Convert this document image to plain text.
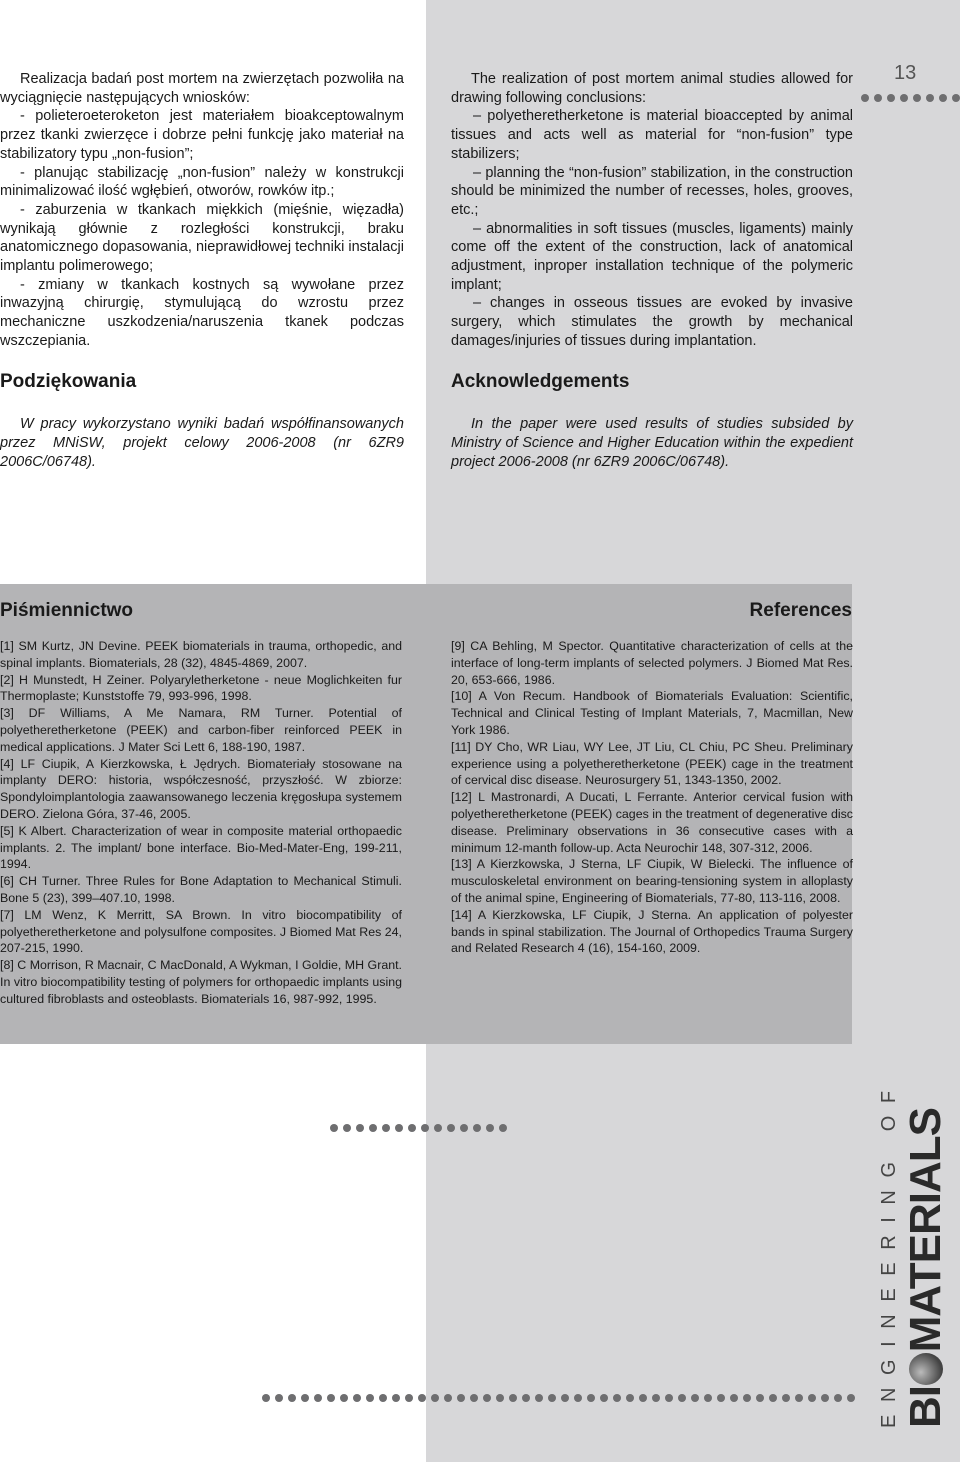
13

Realizacja badań post mortem na zwierzętach pozwoliła na wyciągnięcie następujących wniosków:

- polieteroeteroketon jest materiałem bioakceptowalnym przez tkanki zwierzęce i dobrze pełni funkcję jako materiał na stabilizatory typu „non-fusion”;

- planując stabilizację „non-fusion” należy w konstrukcji minimalizować ilość wgłębień, otworów, rowków itp.;

- zaburzenia w tkankach miękkich (mięśnie, więzadła) wynikają głównie z rozległości konstrukcji, braku anatomicznego dopasowania, nieprawidłowej techniki instalacji implantu polimerowego;

- zmiany w tkankach kostnych są wywołane przez inwazyjną chirurgię, stymulującą do wzrostu przez mechaniczne uszkodzenia/naruszenia tkanek podczas wszczepiania.

Podziękowania

W pracy wykorzystano wyniki badań współfinansowanych przez MNiSW, projekt celowy 2006-2008 (nr 6ZR9 2006C/06748).

The realization of post mortem animal studies allowed for drawing following conclusions:

– polyetheretherketone is material bioaccepted by animal tissues and acts well as material for “non-fusion” type stabilizers;

– planning the “non-fusion” stabilization, in the construction should be minimized the number of recesses, holes, grooves, etc.;

– abnormalities in soft tissues (muscles, ligaments) mainly come off the extent of the construction, lack of anatomical adjustment, inproper installation technique of the polymeric implant;

– changes in osseous tissues are evoked by invasive surgery, which stimulates the growth by mechanical damages/injuries of tissues during implantation.

Acknowledgements

In the paper were used results of studies subsided by Ministry of Science and Higher Education within the expedient project 2006-2008 (nr 6ZR9 2006C/06748).

Piśmiennictwo	References

[1] SM Kurtz, JN Devine. PEEK biomaterials in trauma, orthopedic, and spinal implants. Biomaterials, 28 (32), 4845-4869, 2007.

[2] H Munstedt, H Zeiner. Polyaryletherketone - neue Moglichkeiten fur Thermoplaste; Kunststoffe 79, 993-996, 1998.

[3] DF Williams, A Me Namara, RM Turner. Potential of polyetheretherketone (PEEK) and carbon-fiber reinforced PEEK in medical applications. J Mater Sci Lett 6, 188-190, 1987.

[4] LF Ciupik, A Kierzkowska, Ł Jędrych. Biomateriały stosowane na implanty DERO: historia, współczesność, przyszłość. W zbiorze: Spondyloimplantologia zaawansowanego leczenia kręgosłupa systemem DERO. Zielona Góra, 37-46, 2005.

[5] K Albert. Characterization of wear in composite material orthopaedic implants. 2. The implant/ bone interface. Bio-Med-Mater-Eng, 199-211, 1994.

[6] CH Turner. Three Rules for Bone Adaptation to Mechanical Stimuli. Bone 5 (23), 399–407.10, 1998.

[7] LM Wenz, K Merritt, SA Brown. In vitro biocompatibility of polyetheretherketone and polysulfone composites. J Biomed Mat Res 24, 207-215, 1990.

[8] C Morrison, R Macnair, C MacDonald, A Wykman, I Goldie, MH Grant. In vitro biocompatibility testing of polymers for orthopaedic implants using cultured fibroblasts and osteoblasts. Biomaterials 16, 987-992, 1995.

[9] CA Behling, M Spector. Quantitative characterization of cells at the interface of long-term implants of selected polymers. J Biomed Mat Res. 20, 653-666, 1986.

[10] A Von Recum. Handbook of Biomaterials Evaluation: Scientific, Technical and Clinical Testing of Implant Materials, 7, Macmillan, New York 1986.

[11] DY Cho, WR Liau, WY Lee, JT Liu, CL Chiu, PC Sheu. Preliminary experience using a polyetheretherketone (PEEK) cage in the treatment of cervical disc disease. Neurosurgery 51, 1343-1350, 2002.

[12] L Mastronardi, A Ducati, L Ferrante. Anterior cervical fusion with polyetheretherketone (PEEK) cages in the treatment of degenerative disc disease. Preliminary observations in 36 consecutive cases with a minimum 12-manth follow-up. Acta Neurochir 148, 307-312, 2006.

[13] A Kierzkowska, J Sterna, LF Ciupik, W Bielecki. The influence of musculoskeletal environment on bearing-tensioning system in alloplasty of the animal spine, Engineering of Biomaterials, 77-80, 113-116, 2008.

[14] A Kierzkowska, LF Ciupik, J Sterna. An application of polyester bands in spinal stabilization. The Journal of Orthopedics Trauma Surgery and Related Research 4 (16), 154-160, 2009.

ENGINEERING OF BI
MATERIALS
